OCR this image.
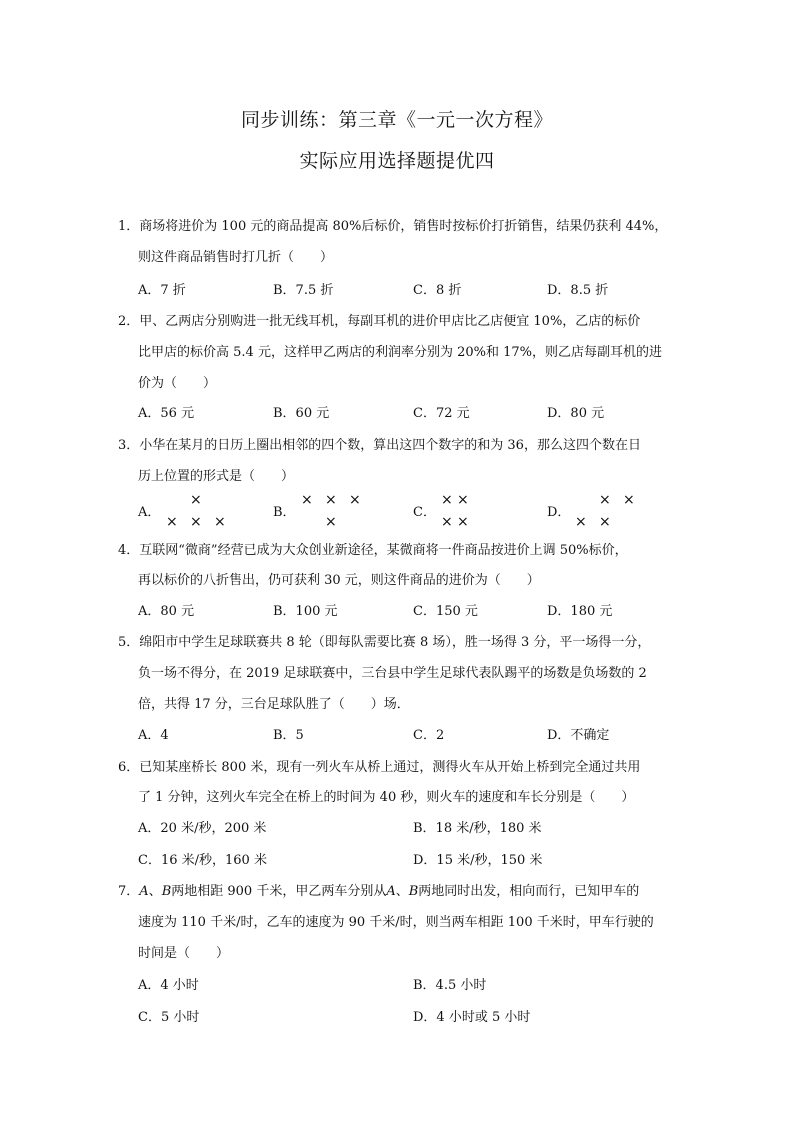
同步训练：第三章《一元一次方程》
实际应用选择题提优四
1．商场将进价为 100 元的商品提高 80%后标价，销售时按标价打折销售，结果仍获利 44%，
则这件商品销售时打几折（　　）
A．7 折	B．7.5 折	C．8 折	D．8.5 折
2．甲、乙两店分别购进一批无线耳机，每副耳机的进价甲店比乙店便宜 10%，乙店的标价
比甲店的标价高 5.4 元，这样甲乙两店的利润率分别为 20%和 17%，则乙店每副耳机的进
价为（　　）
A．56 元	B．60 元	C．72 元	D．80 元
3．小华在某月的日历上圈出相邻的四个数，算出这四个数字的和为 36，那么这四个数在日
历上位置的形式是（　　）
A．
×
× × ×
B．
× × ×
×
C．
× ×
× ×
D．
× ×
× ×
4．互联网“微商”经营已成为大众创业新途径，某微商将一件商品按进价上调 50%标价，
再以标价的八折售出，仍可获利 30 元，则这件商品的进价为（　　）
A．80 元	B．100 元	C．150 元	D．180 元
5．绵阳市中学生足球联赛共 8 轮（即每队需要比赛 8 场），胜一场得 3 分，平一场得一分，
负一场不得分，在 2019 足球联赛中，三台县中学生足球代表队踢平的场数是负场数的 2
倍，共得 17 分，三台足球队胜了（　　）场．
A．4	B．5	C．2	D．不确定
6．已知某座桥长 800 米，现有一列火车从桥上通过，测得火车从开始上桥到完全通过共用
了 1 分钟，这列火车完全在桥上的时间为 40 秒，则火车的速度和车长分别是（　　）
A．20 米/秒，200 米	B．18 米/秒，180 米
C．16 米/秒，160 米	D．15 米/秒，150 米
7．A、B两地相距 900 千米，甲乙两车分别从A、B两地同时出发，相向而行，已知甲车的
速度为 110 千米/时，乙车的速度为 90 千米/时，则当两车相距 100 千米时，甲车行驶的
时间是（　　）
A．4 小时	B．4.5 小时
C．5 小时	D．4 小时或 5 小时
